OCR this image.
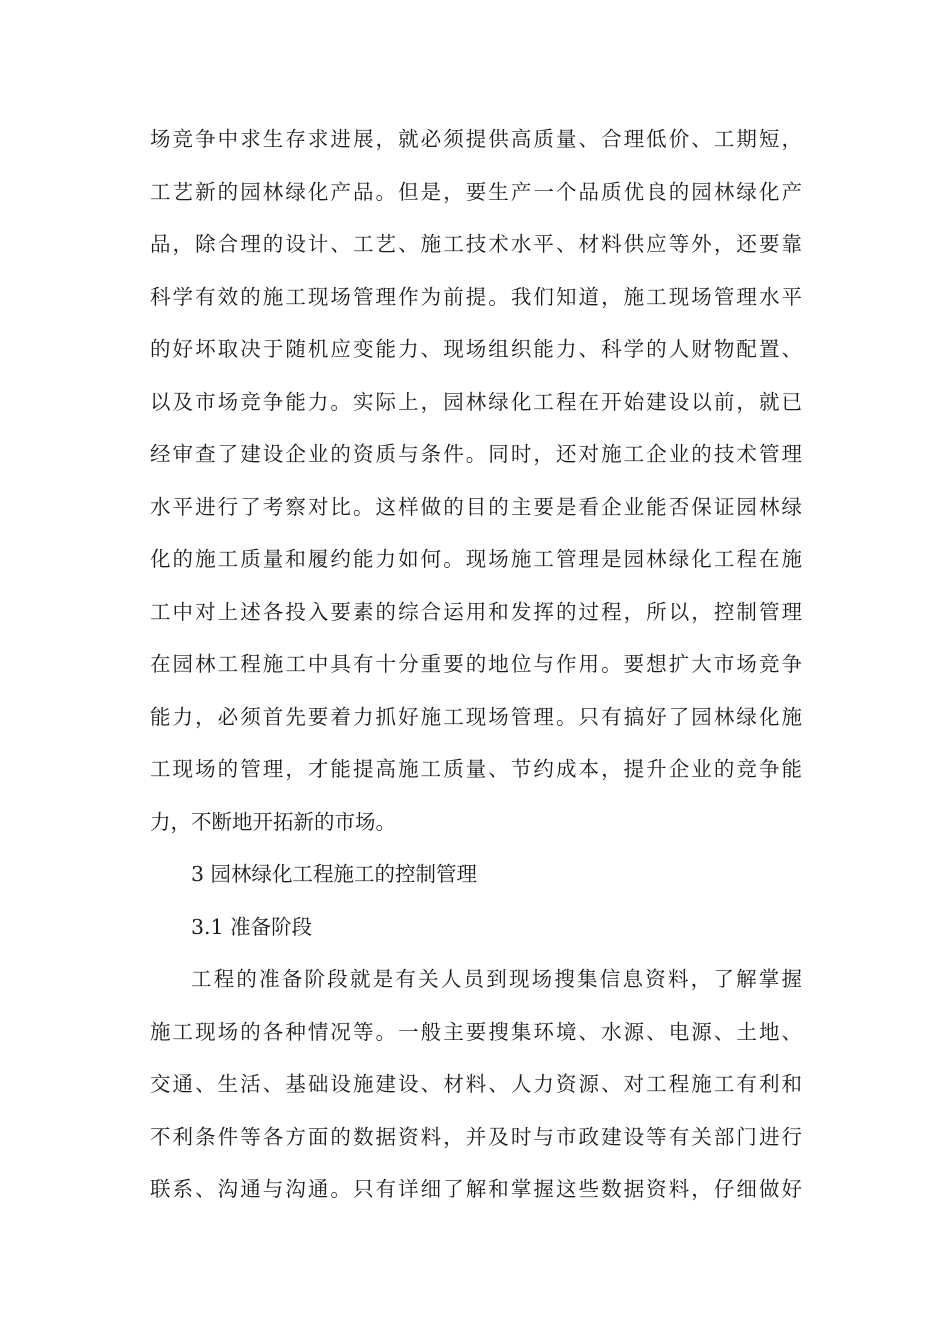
场竞争中求生存求进展，就必须提供高质量、合理低价、工期短，
工艺新的园林绿化产品。但是，要生产一个品质优良的园林绿化产
品，除合理的设计、工艺、施工技术水平、材料供应等外，还要靠
科学有效的施工现场管理作为前提。我们知道，施工现场管理水平
的好坏取决于随机应变能力、现场组织能力、科学的人财物配置、
以及市场竞争能力。实际上，园林绿化工程在开始建设以前，就已
经审查了建设企业的资质与条件。同时，还对施工企业的技术管理
水平进行了考察对比。这样做的目的主要是看企业能否保证园林绿
化的施工质量和履约能力如何。现场施工管理是园林绿化工程在施
工中对上述各投入要素的综合运用和发挥的过程，所以，控制管理
在园林工程施工中具有十分重要的地位与作用。要想扩大市场竞争
能力，必须首先要着力抓好施工现场管理。只有搞好了园林绿化施
工现场的管理，才能提高施工质量、节约成本，提升企业的竞争能
力，不断地开拓新的市场。
3 园林绿化工程施工的控制管理
3.1 准备阶段
工程的准备阶段就是有关人员到现场搜集信息资料，了解掌握
施工现场的各种情况等。一般主要搜集环境、水源、电源、土地、
交通、生活、基础设施建设、材料、人力资源、对工程施工有利和
不利条件等各方面的数据资料，并及时与市政建设等有关部门进行
联系、沟通与沟通。只有详细了解和掌握这些数据资料，仔细做好
